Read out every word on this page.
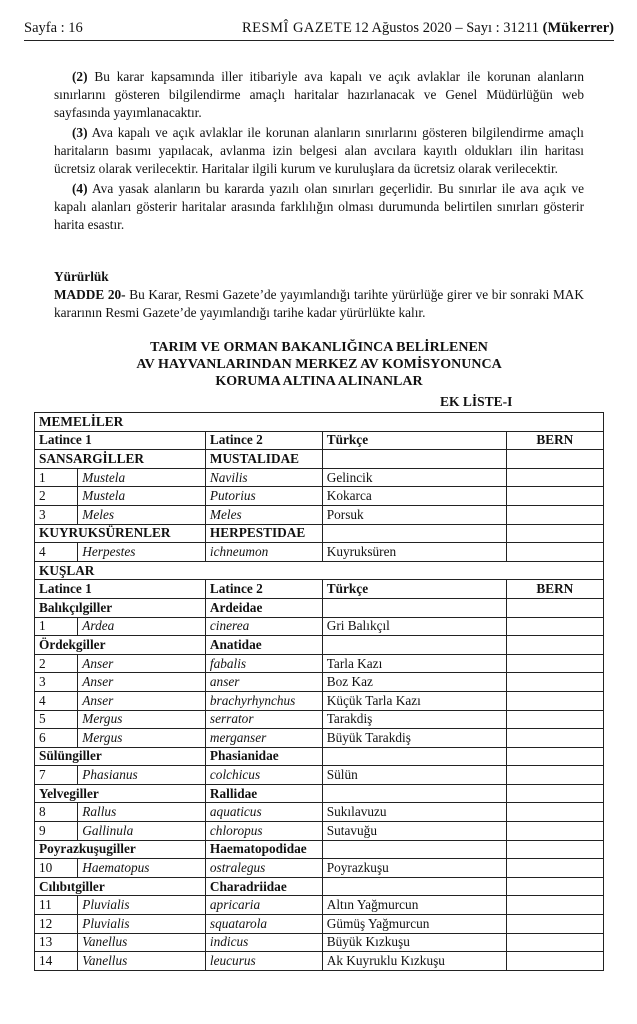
Sayfa : 16	RESMÎ GAZETE 12 Ağustos 2020 – Sayı : 31211 (Mükerrer)

(2) Bu karar kapsamında iller itibariyle ava kapalı ve açık avlaklar ile korunan alanların sınırlarını gösteren bilgilendirme amaçlı haritalar hazırlanacak ve Genel Müdürlüğün web sayfasında yayımlanacaktır.

(3) Ava kapalı ve açık avlaklar ile korunan alanların sınırlarını gösteren bilgilendirme amaçlı haritaların basımı yapılacak, avlanma izin belgesi alan avcılara kayıtlı oldukları ilin haritası ücretsiz olarak verilecektir. Haritalar ilgili kurum ve kuruluşlara da ücretsiz olarak verilecektir.

(4) Ava yasak alanların bu kararda yazılı olan sınırları geçerlidir. Bu sınırlar ile ava açık ve kapalı alanları gösterir haritalar arasında farklılığın olması durumunda belirtilen sınırları gösterir harita esastır.

Yürürlük
MADDE 20- Bu Karar, Resmi Gazete’de yayımlandığı tarihte yürürlüğe girer ve bir sonraki MAK kararının Resmi Gazete’de yayımlandığı tarihe kadar yürürlükte kalır.
TARIM VE ORMAN BAKANLIĞINCA BELİRLENEN
AV HAYVANLARINDAN MERKEZ AV KOMİSYONUNCA
KORUMA ALTINA ALINANLAR
EK LİSTE-I
MEMELİLER				
Latince 1		Latince 2	Türkçe	BERN
SANSARGİLLER		MUSTALIDAE		
1	Mustela	Navilis	Gelincik	
2	Mustela	Putorius	Kokarca	
3	Meles	Meles	Porsuk	
KUYRUKSÜRENLER		HERPESTIDAE		
4	Herpestes	ichneumon	Kuyruksüren	
KUŞLAR				
Latince 1		Latince 2	Türkçe	BERN
Balıkçılgiller		Ardeidae		
1	Ardea	cinerea	Gri Balıkçıl	
Ördekgiller		Anatidae		
2	Anser	fabalis	Tarla Kazı	
3	Anser	anser	Boz Kaz	
4	Anser	brachyrhynchus	Küçük Tarla Kazı	
5	Mergus	serrator	Tarakdiş	
6	Mergus	merganser	Büyük Tarakdiş	
Sülüngiller		Phasianidae		
7	Phasianus	colchicus	Sülün	
Yelvegiller		Rallidae		
8	Rallus	aquaticus	Sukılavuzu	
9	Gallinula	chloropus	Sutavuğu	
Poyrazkuşugiller		Haematopodidae		
10	Haematopus	ostralegus	Poyrazkuşu	
Cılıbıtgiller		Charadriidae		
11	Pluvialis	apricaria	Altın Yağmurcun	
12	Pluvialis	squatarola	Gümüş Yağmurcun	
13	Vanellus	indicus	Büyük Kızkuşu	
14	Vanellus	leucurus	Ak Kuyruklu Kızkuşu	
